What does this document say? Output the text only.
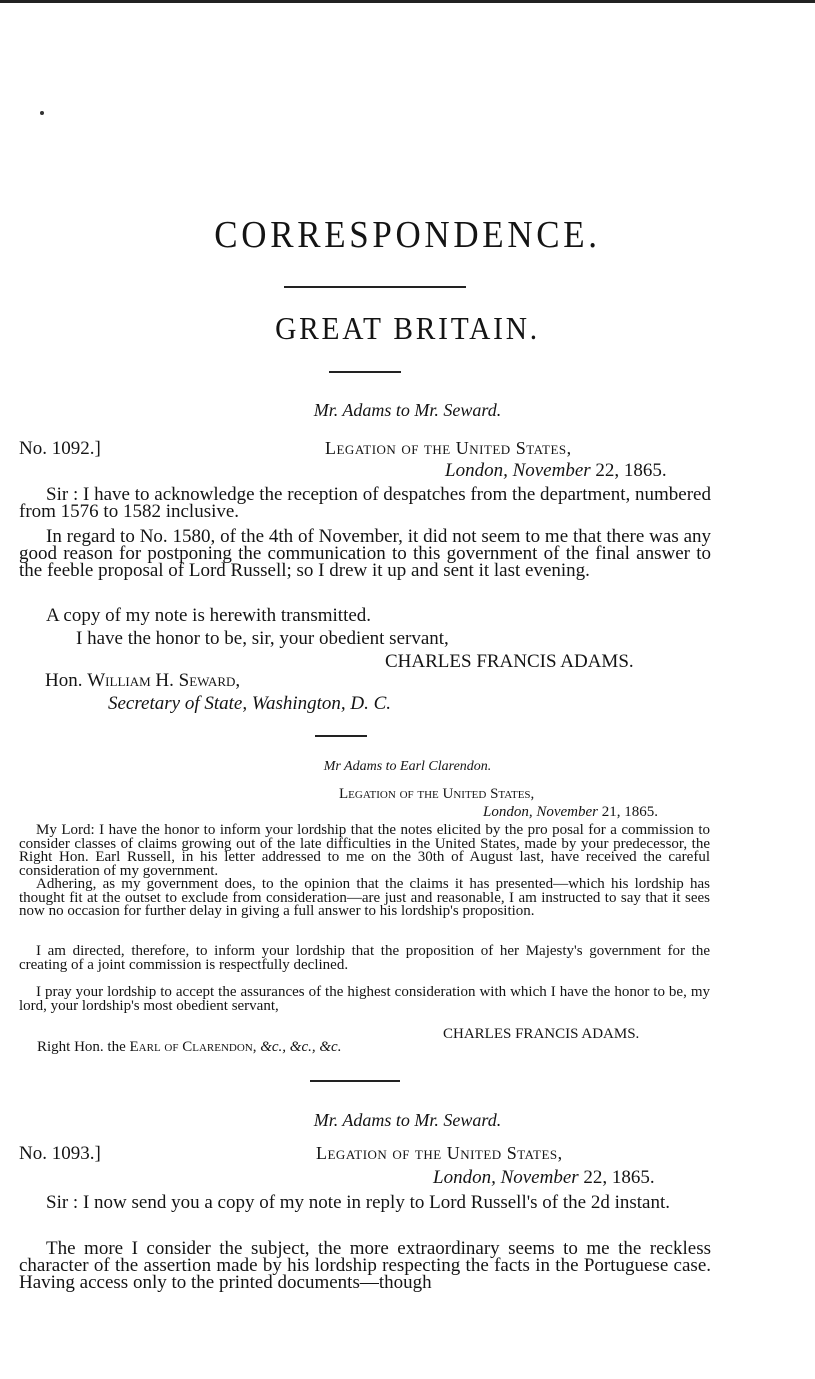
CORRESPONDENCE.
GREAT BRITAIN.
Mr. Adams to Mr. Seward.
No. 1092.]	Legation of the United States,
London, November 22, 1865.

Sir : I have to acknowledge the reception of despatches from the department, numbered from 1576 to 1582 inclusive.

In regard to No. 1580, of the 4th of November, it did not seem to me that there was any good reason for postponing the communication to this government of the final answer to the feeble proposal of Lord Russell; so I drew it up and sent it last evening.

A copy of my note is herewith transmitted.

I have the honor to be, sir, your obedient servant,
CHARLES FRANCIS ADAMS.
Hon. William H. Seward,
Secretary of State, Washington, D. C.
Mr Adams to Earl Clarendon.
Legation of the United States,
London, November 21, 1865.

My Lord: I have the honor to inform your lordship that the notes elicited by the pro posal for a commission to consider classes of claims growing out of the late difficulties in the United States, made by your predecessor, the Right Hon. Earl Russell, in his letter addressed to me on the 30th of August last, have received the careful consideration of my government.

Adhering, as my government does, to the opinion that the claims it has presented—which his lordship has thought fit at the outset to exclude from consideration—are just and reasonable, I am instructed to say that it sees now no occasion for further delay in giving a full answer to his lordship's proposition.

I am directed, therefore, to inform your lordship that the proposition of her Majesty's government for the creating of a joint commission is respectfully declined.

I pray your lordship to accept the assurances of the highest consideration with which I have the honor to be, my lord, your lordship's most obedient servant,

CHARLES FRANCIS ADAMS.
Right Hon. the Earl of Clarendon, &c., &c., &c.
Mr. Adams to Mr. Seward.
No. 1093.]	Legation of the United States,
London, November 22, 1865.

Sir : I now send you a copy of my note in reply to Lord Russell's of the 2d instant.

The more I consider the subject, the more extraordinary seems to me the reckless character of the assertion made by his lordship respecting the facts in the Portuguese case. Having access only to the printed documents—though
